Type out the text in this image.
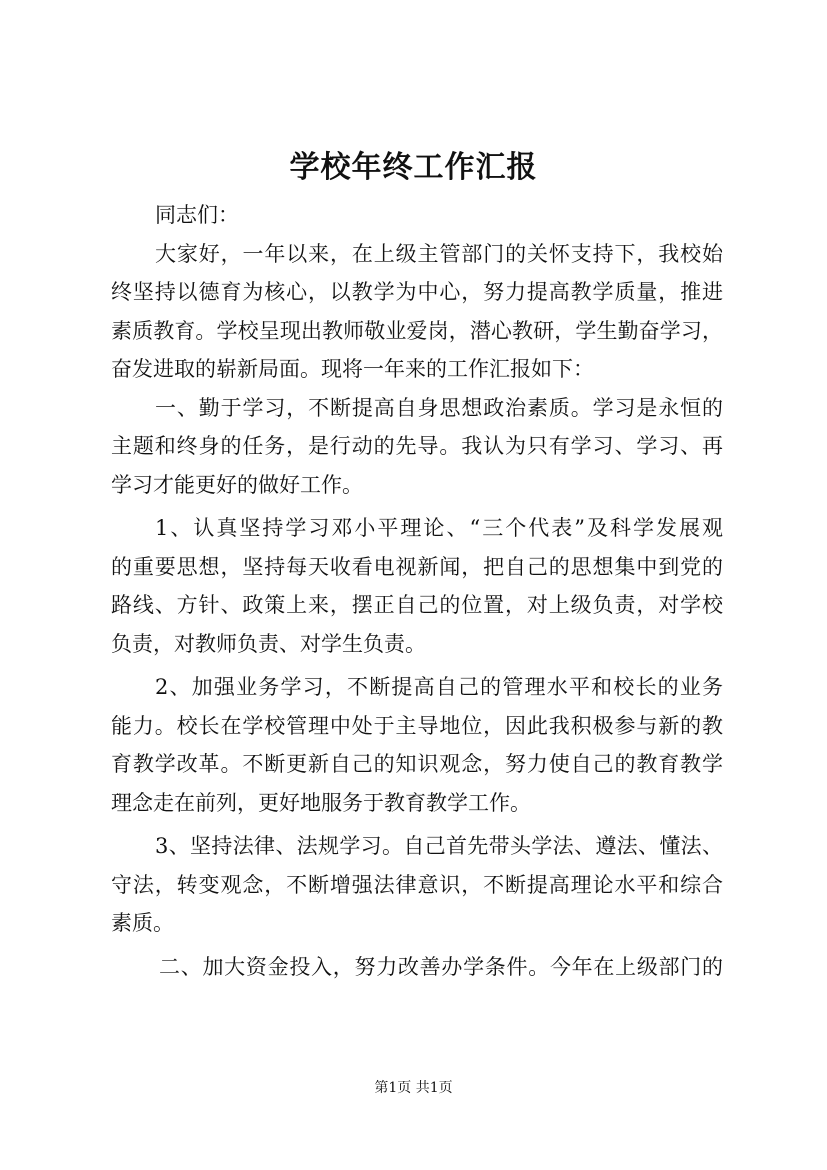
学校年终工作汇报
同志们：
大家好，一年以来，在上级主管部门的关怀支持下，我校始
终坚持以德育为核心，以教学为中心，努力提高教学质量，推进
素质教育。学校呈现出教师敬业爱岗，潜心教研，学生勤奋学习，
奋发进取的崭新局面。现将一年来的工作汇报如下：
一、勤于学习，不断提高自身思想政治素质。学习是永恒的
主题和终身的任务，是行动的先导。我认为只有学习、学习、再
学习才能更好的做好工作。
1、认真坚持学习邓小平理论、“三个代表”及科学发展观
的重要思想，坚持每天收看电视新闻，把自己的思想集中到党的
路线、方针、政策上来，摆正自己的位置，对上级负责，对学校
负责，对教师负责、对学生负责。
2、加强业务学习，不断提高自己的管理水平和校长的业务
能力。校长在学校管理中处于主导地位，因此我积极参与新的教
育教学改革。不断更新自己的知识观念，努力使自己的教育教学
理念走在前列，更好地服务于教育教学工作。
3、坚持法律、法规学习。自己首先带头学法、遵法、懂法、
守法，转变观念，不断增强法律意识，不断提高理论水平和综合
素质。
二、加大资金投入，努力改善办学条件。今年在上级部门的
第1页 共1页
